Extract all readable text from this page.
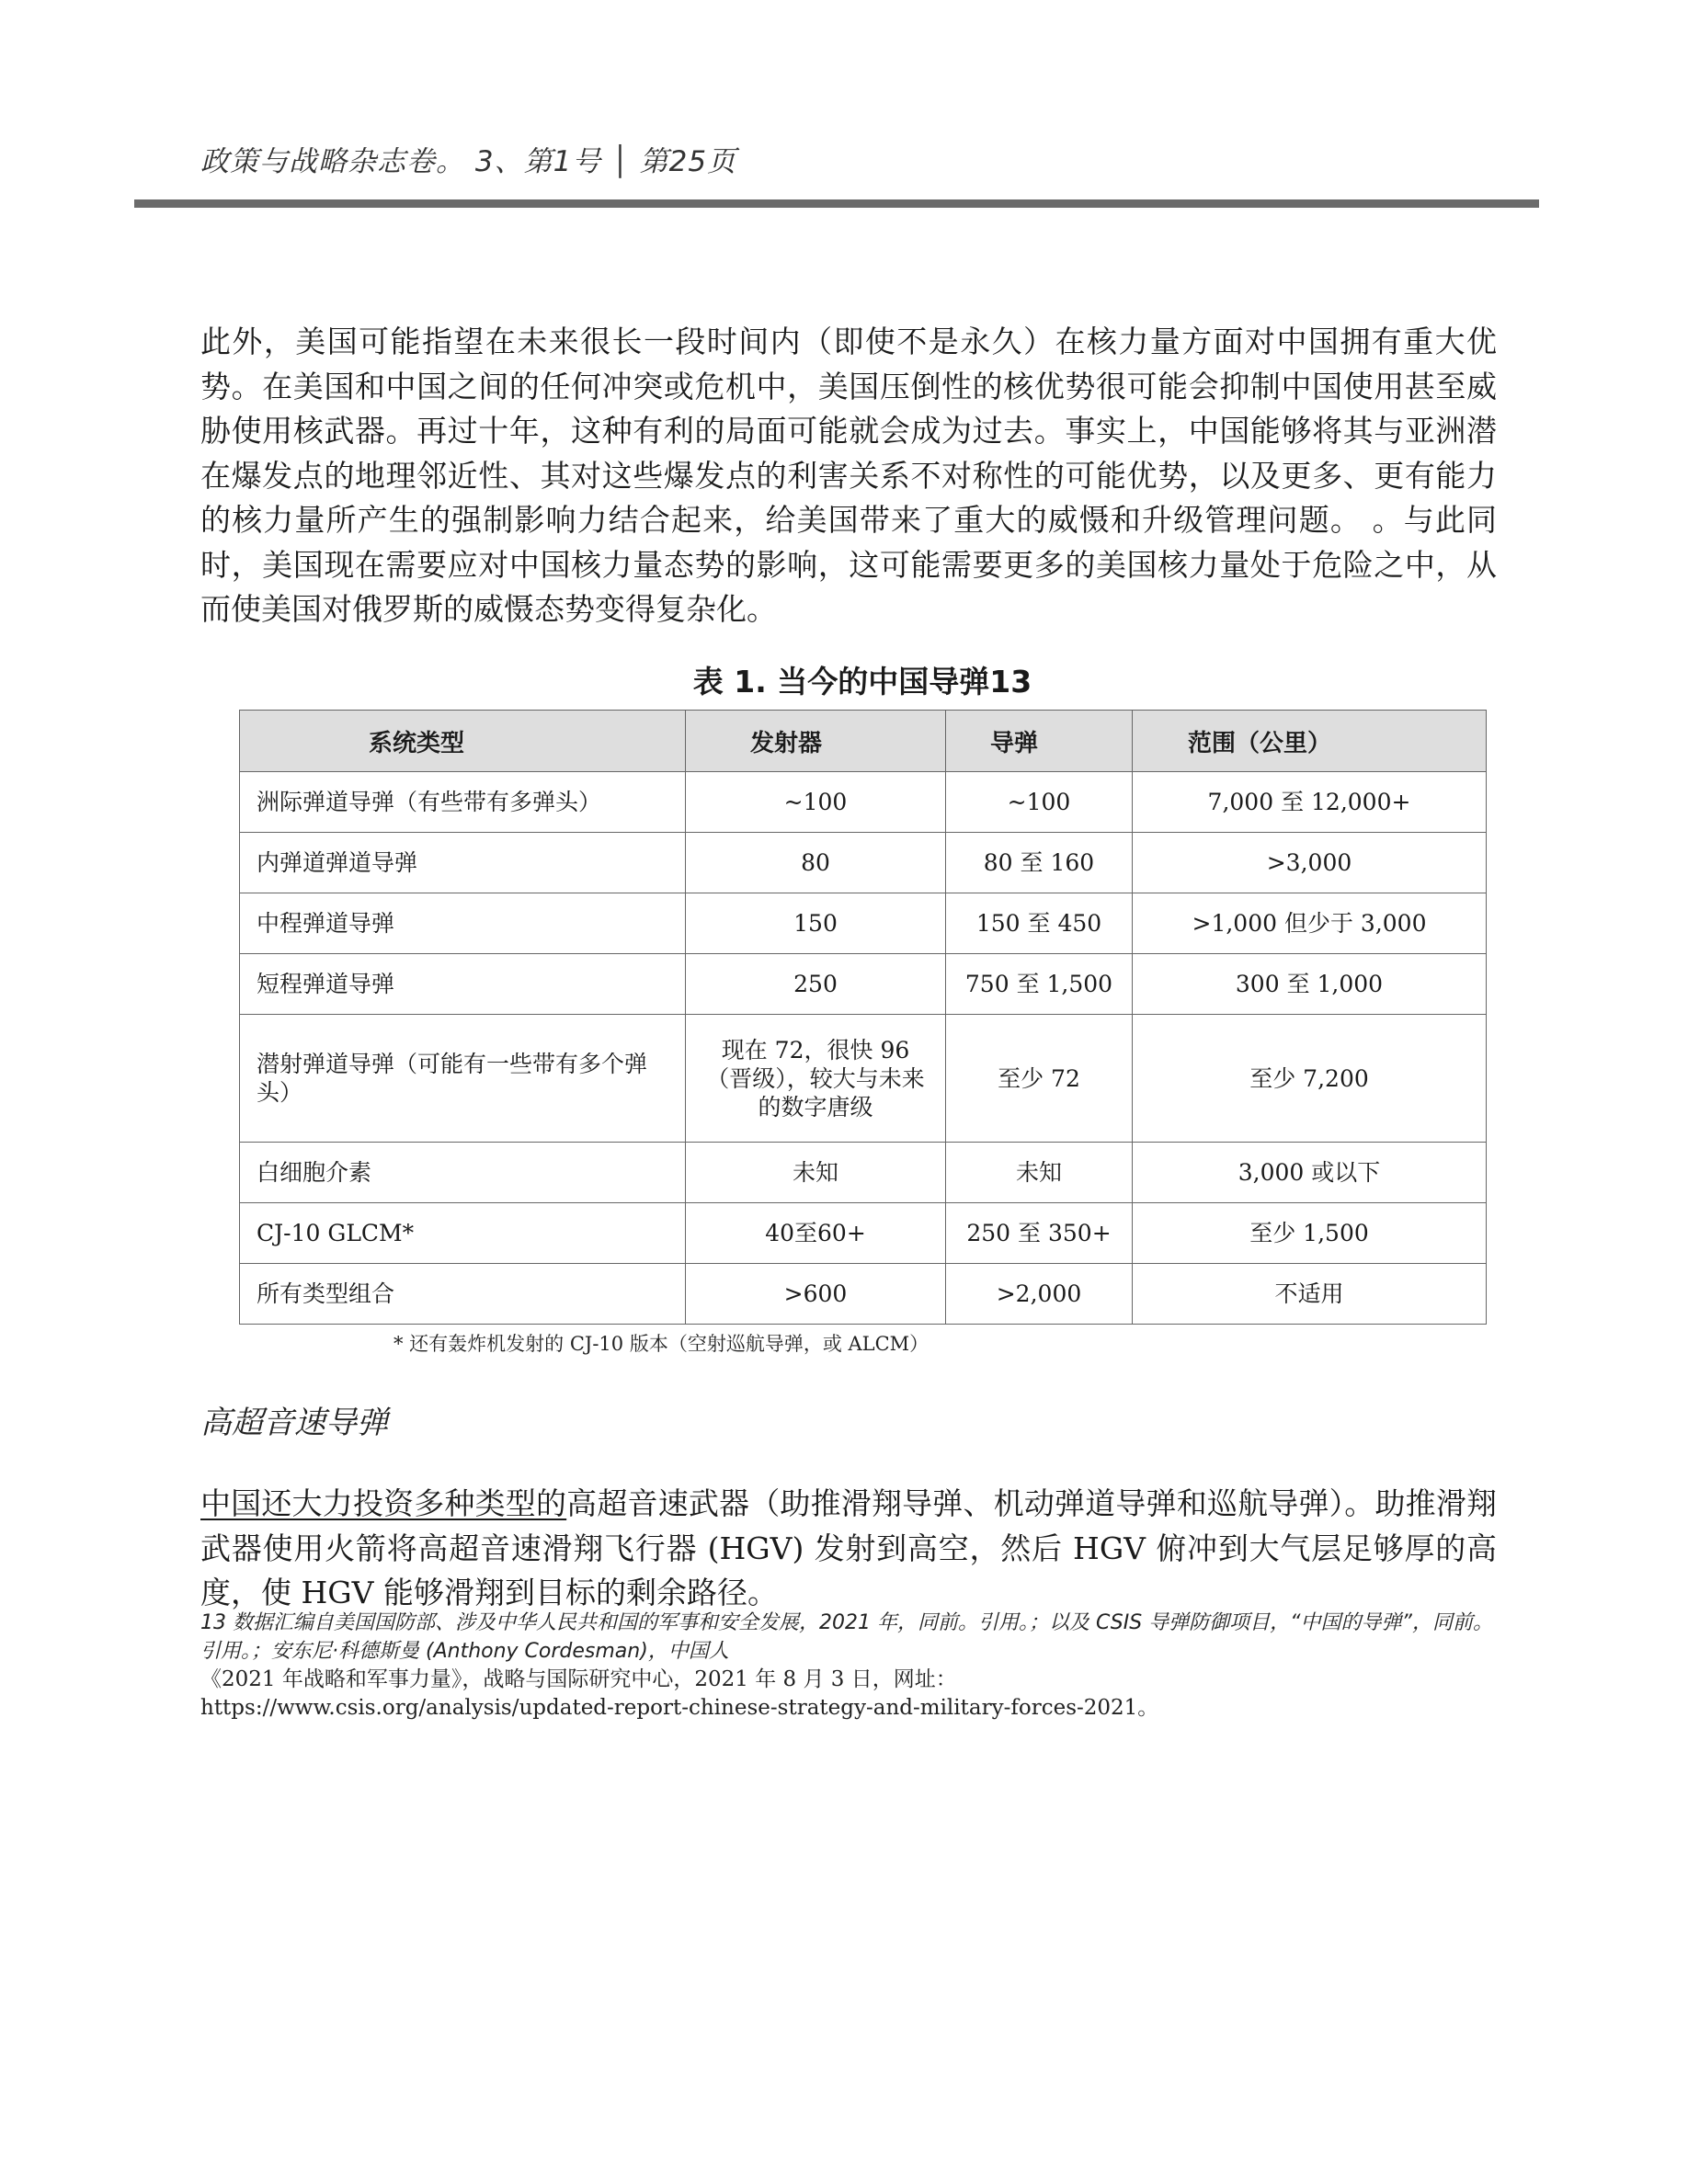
政策与战略杂志卷。 3、第1号 │ 第25页

此外，美国可能指望在未来很长一段时间内（即使不是永久）在核力量方面对中国拥有重大优势。在美国和中国之间的任何冲突或危机中，美国压倒性的核优势很可能会抑制中国使用甚至威胁使用核武器。再过十年，这种有利的局面可能就会成为过去。事实上，中国能够将其与亚洲潜在爆发点的地理邻近性、其对这些爆发点的利害关系不对称性的可能优势，以及更多、更有能力的核力量所产生的强制影响力结合起来，给美国带来了重大的威慑和升级管理问题。 。与此同时，美国现在需要应对中国核力量态势的影响，这可能需要更多的美国核力量处于危险之中，从而使美国对俄罗斯的威慑态势变得复杂化。

表 1. 当今的中国导弹13
系统类型	发射器	导弹	范围（公里）
洲际弹道导弹（有些带有多弹头）	~100	~100	7,000 至 12,000+
内弹道弹道导弹	80	80 至 160	>3,000
中程弹道导弹	150	150 至 450	>1,000 但少于 3,000
短程弹道导弹	250	750 至 1,500	300 至 1,000
潜射弹道导弹（可能有一些带有多个弹头）	现在 72，很快 96（晋级），较大与未来的数字唐级	至少 72	至少 7,200
白细胞介素	未知	未知	3,000 或以下
CJ-10 GLCM*	40至60+	250 至 350+	至少 1,500
所有类型组合	>600	>2,000	不适用
* 还有轰炸机发射的 CJ-10 版本（空射巡航导弹，或 ALCM）
高超音速导弹

中国还大力投资多种类型的高超音速武器（助推滑翔导弹、机动弹道导弹和巡航导弹）。助推滑翔武器使用火箭将高超音速滑翔飞行器 (HGV) 发射到高空，然后 HGV 俯冲到大气层足够厚的高度，使 HGV 能够滑翔到目标的剩余路径。

13 数据汇编自美国国防部、涉及中华人民共和国的军事和安全发展，2021 年，同前。引用。；以及 CSIS 导弹防御项目，“中国的导弹”，同前。引用。；安东尼·科德斯曼 (Anthony Cordesman)，中国人
《2021 年战略和军事力量》，战略与国际研究中心，2021 年 8 月 3 日，网址：
https://www.csis.org/analysis/updated-report-chinese-strategy-and-military-forces-2021。
